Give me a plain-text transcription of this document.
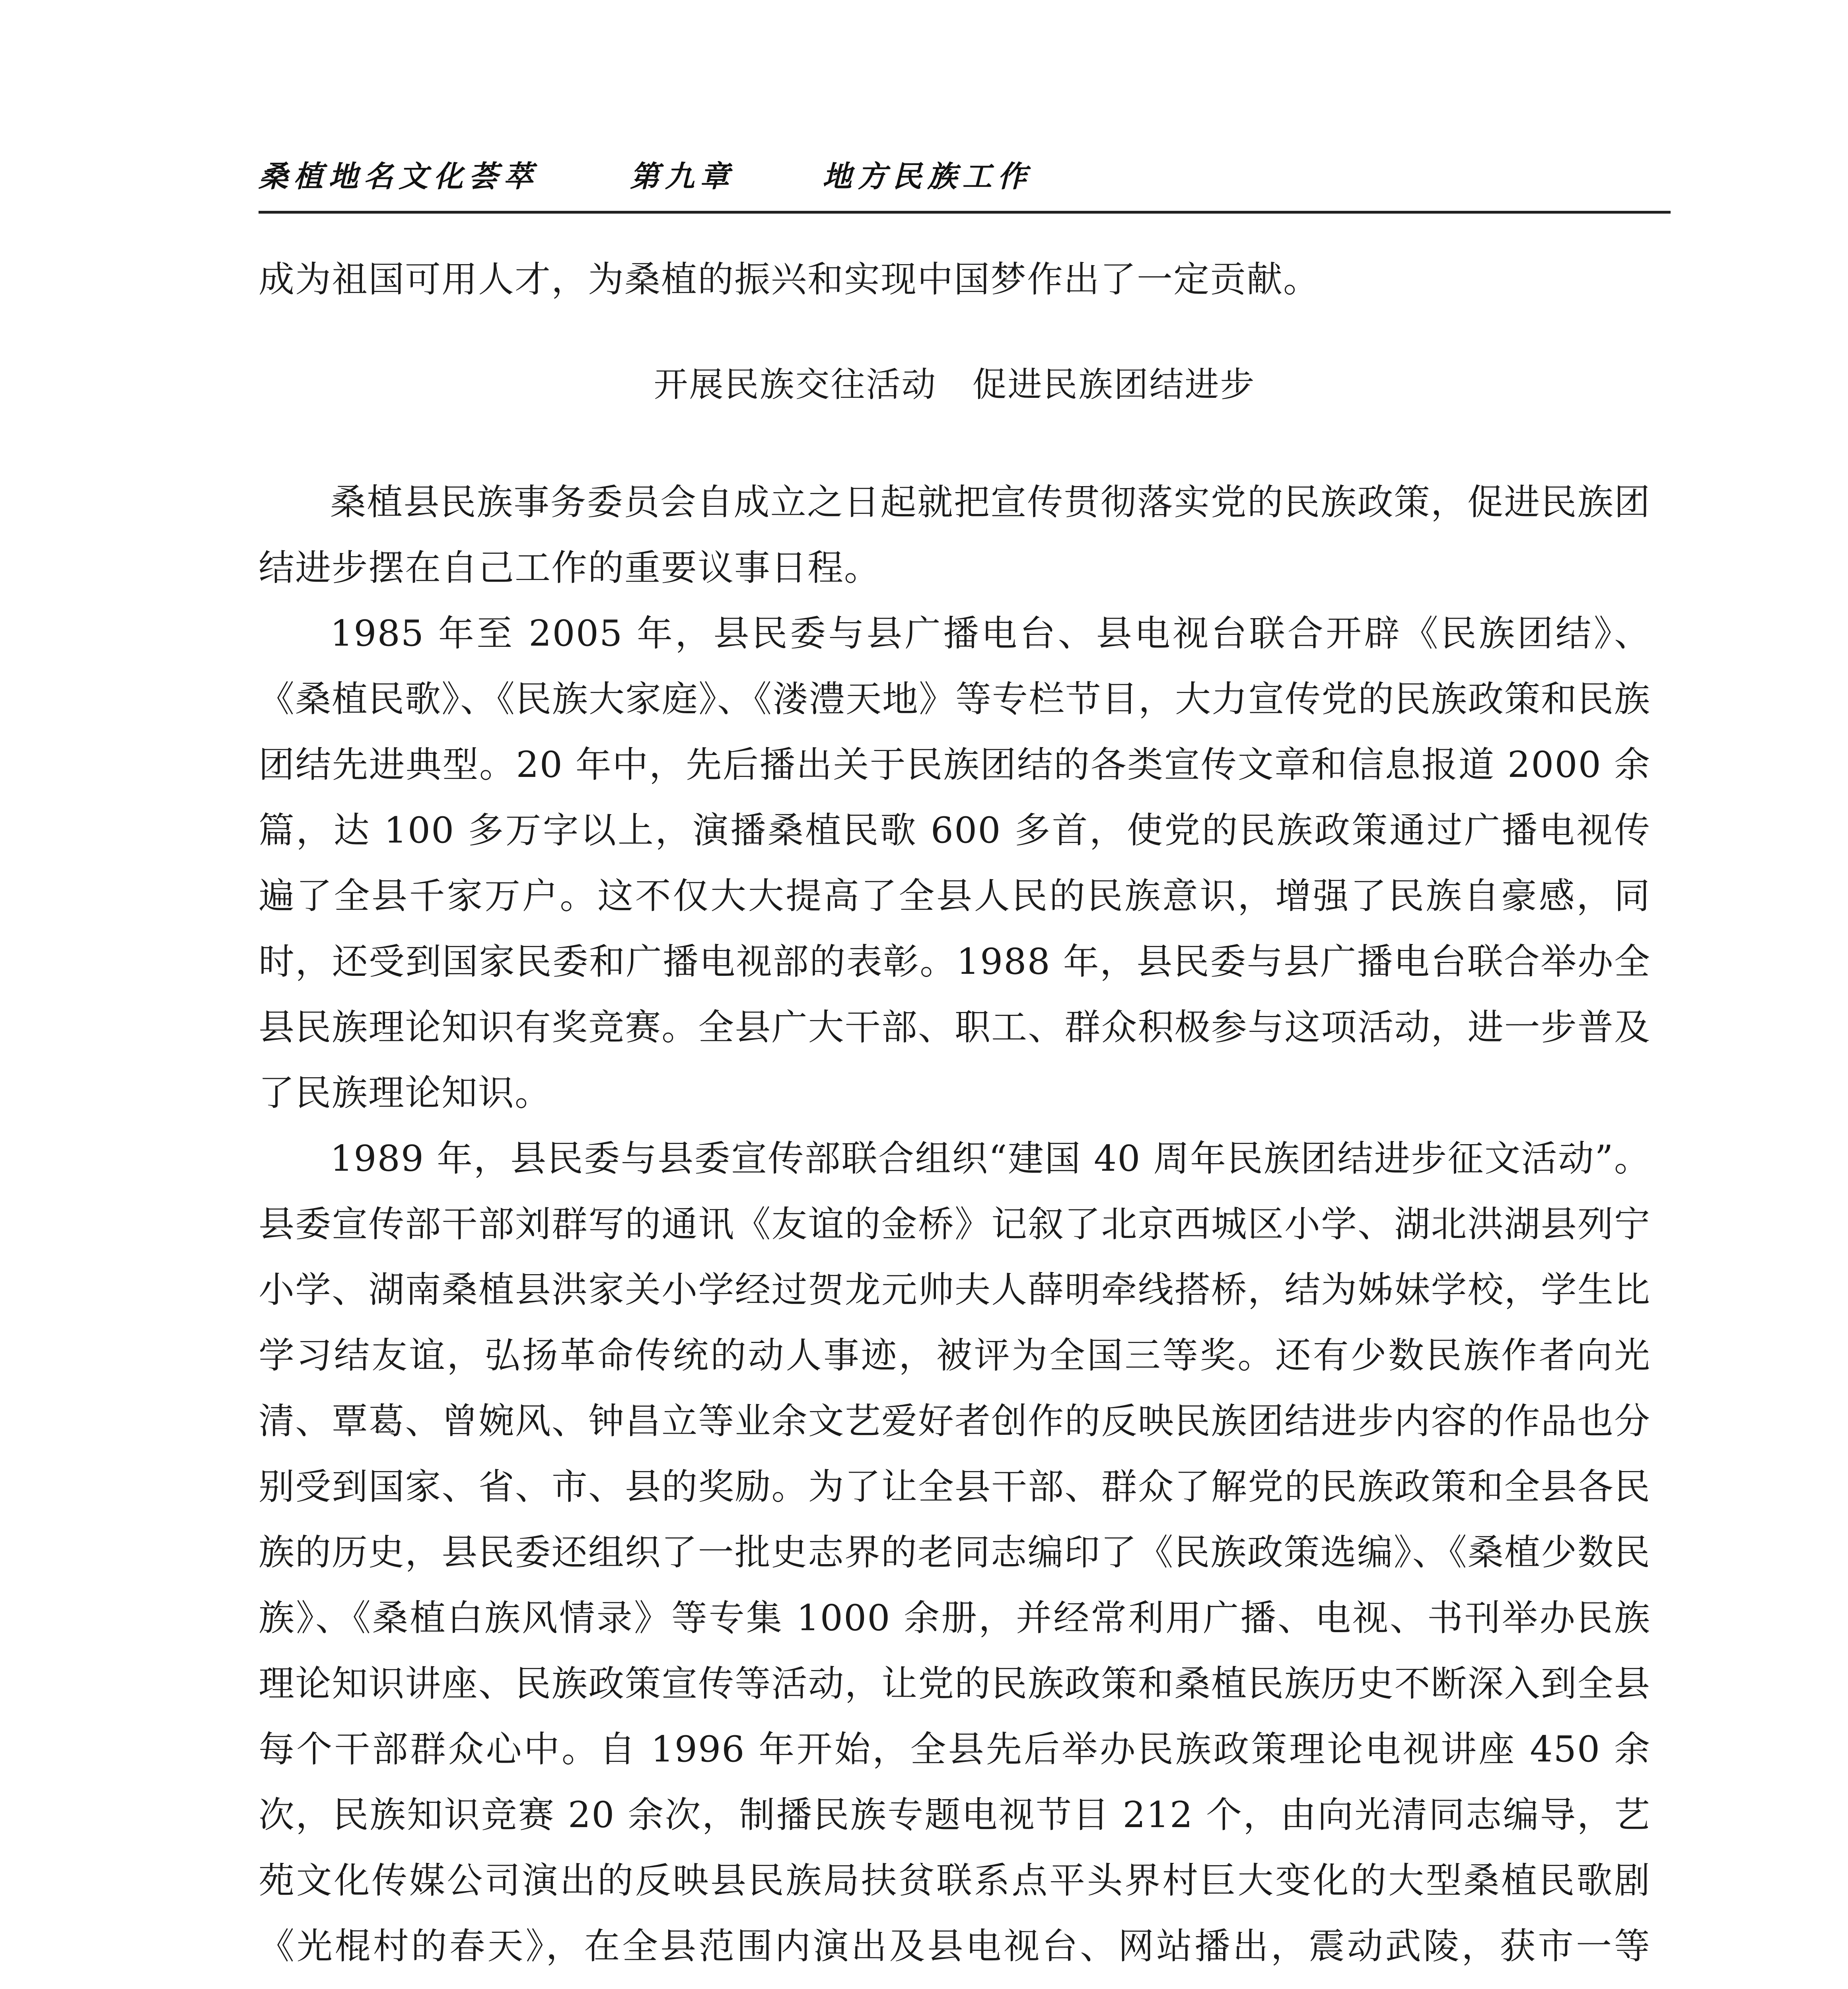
桑植地名文化荟萃	第九章	地方民族工作

成为祖国可用人才，为桑植的振兴和实现中国梦作出了一定贡献。

开展民族交往活动　促进民族团结进步

桑植县民族事务委员会自成立之日起就把宣传贯彻落实党的民族政策，促进民族团结进步摆在自己工作的重要议事日程。

1985 年至 2005 年，县民委与县广播电台、县电视台联合开辟《民族团结》、《桑植民歌》、《民族大家庭》、《溇澧天地》等专栏节目，大力宣传党的民族政策和民族团结先进典型。20 年中，先后播出关于民族团结的各类宣传文章和信息报道 2000 余篇，达 100 多万字以上，演播桑植民歌 600 多首，使党的民族政策通过广播电视传遍了全县千家万户。这不仅大大提高了全县人民的民族意识，增强了民族自豪感，同时，还受到国家民委和广播电视部的表彰。1988 年，县民委与县广播电台联合举办全县民族理论知识有奖竞赛。全县广大干部、职工、群众积极参与这项活动，进一步普及了民族理论知识。

1989 年，县民委与县委宣传部联合组织“建国 40 周年民族团结进步征文活动”。县委宣传部干部刘群写的通讯《友谊的金桥》记叙了北京西城区小学、湖北洪湖县列宁小学、湖南桑植县洪家关小学经过贺龙元帅夫人薛明牵线搭桥，结为姊妹学校，学生比学习结友谊，弘扬革命传统的动人事迹，被评为全国三等奖。还有少数民族作者向光清、覃葛、曾婉风、钟昌立等业余文艺爱好者创作的反映民族团结进步内容的作品也分别受到国家、省、市、县的奖励。为了让全县干部、群众了解党的民族政策和全县各民族的历史，县民委还组织了一批史志界的老同志编印了《民族政策选编》、《桑植少数民族》、《桑植白族风情录》等专集 1000 余册，并经常利用广播、电视、书刊举办民族理论知识讲座、民族政策宣传等活动，让党的民族政策和桑植民族历史不断深入到全县每个干部群众心中。自 1996 年开始，全县先后举办民族政策理论电视讲座 450 余次，民族知识竞赛 20 余次，制播民族专题电视节目 212 个，由向光清同志编导，艺苑文化传媒公司演出的反映县民族局扶贫联系点平头界村巨大变化的大型桑植民歌剧《光棍村的春天》，在全县范围内演出及县电视台、网站播出，震动武陵，获市一等
